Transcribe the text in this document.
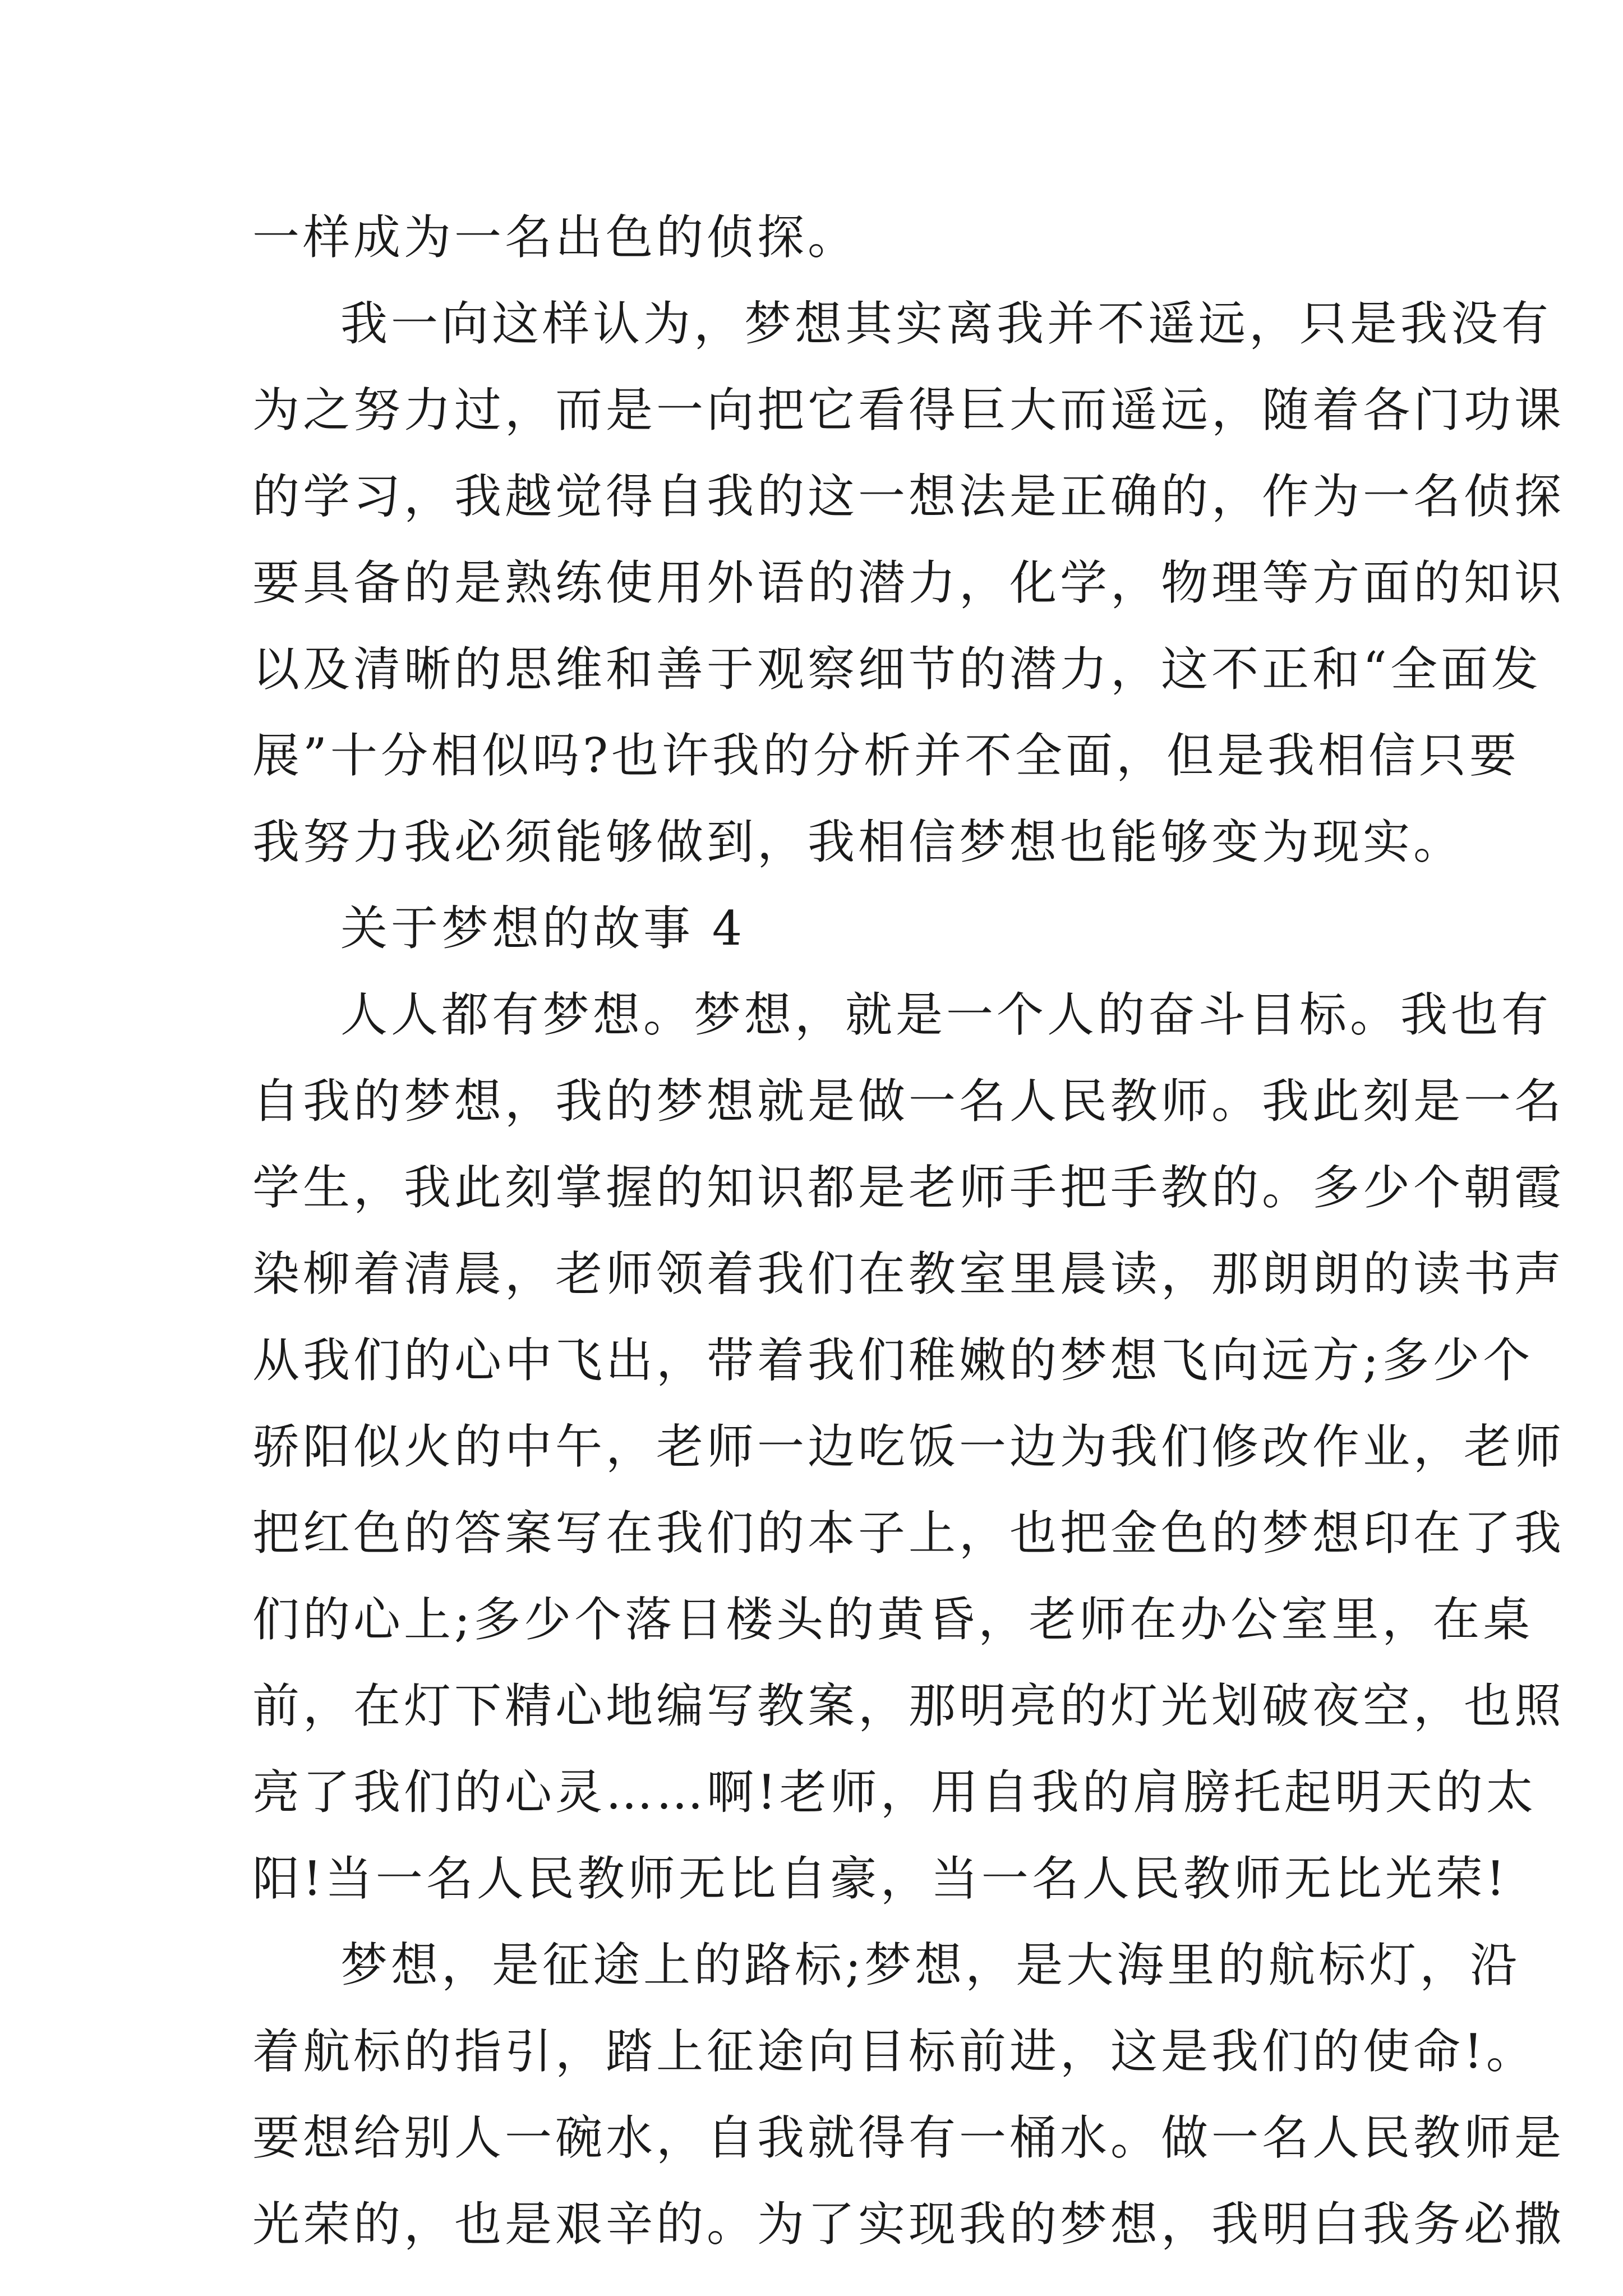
一样成为一名出色的侦探。
我一向这样认为，梦想其实离我并不遥远，只是我没有
为之努力过，而是一向把它看得巨大而遥远，随着各门功课
的学习，我越觉得自我的这一想法是正确的，作为一名侦探
要具备的是熟练使用外语的潜力，化学，物理等方面的知识
以及清晰的思维和善于观察细节的潜力，这不正和“全面发
展”十分相似吗?也许我的分析并不全面，但是我相信只要
我努力我必须能够做到，我相信梦想也能够变为现实。
关于梦想的故事 4
人人都有梦想。梦想，就是一个人的奋斗目标。我也有
自我的梦想，我的梦想就是做一名人民教师。我此刻是一名
学生，我此刻掌握的知识都是老师手把手教的。多少个朝霞
染柳着清晨，老师领着我们在教室里晨读，那朗朗的读书声
从我们的心中飞出，带着我们稚嫩的梦想飞向远方;多少个
骄阳似火的中午，老师一边吃饭一边为我们修改作业，老师
把红色的答案写在我们的本子上，也把金色的梦想印在了我
们的心上;多少个落日楼头的黄昏，老师在办公室里，在桌
前，在灯下精心地编写教案，那明亮的灯光划破夜空，也照
亮了我们的心灵……啊!老师，用自我的肩膀托起明天的太
阳!当一名人民教师无比自豪，当一名人民教师无比光荣!
梦想，是征途上的路标;梦想，是大海里的航标灯，沿
着航标的指引，踏上征途向目标前进，这是我们的使命!。
要想给别人一碗水，自我就得有一桶水。做一名人民教师是
光荣的，也是艰辛的。为了实现我的梦想，我明白我务必撒
